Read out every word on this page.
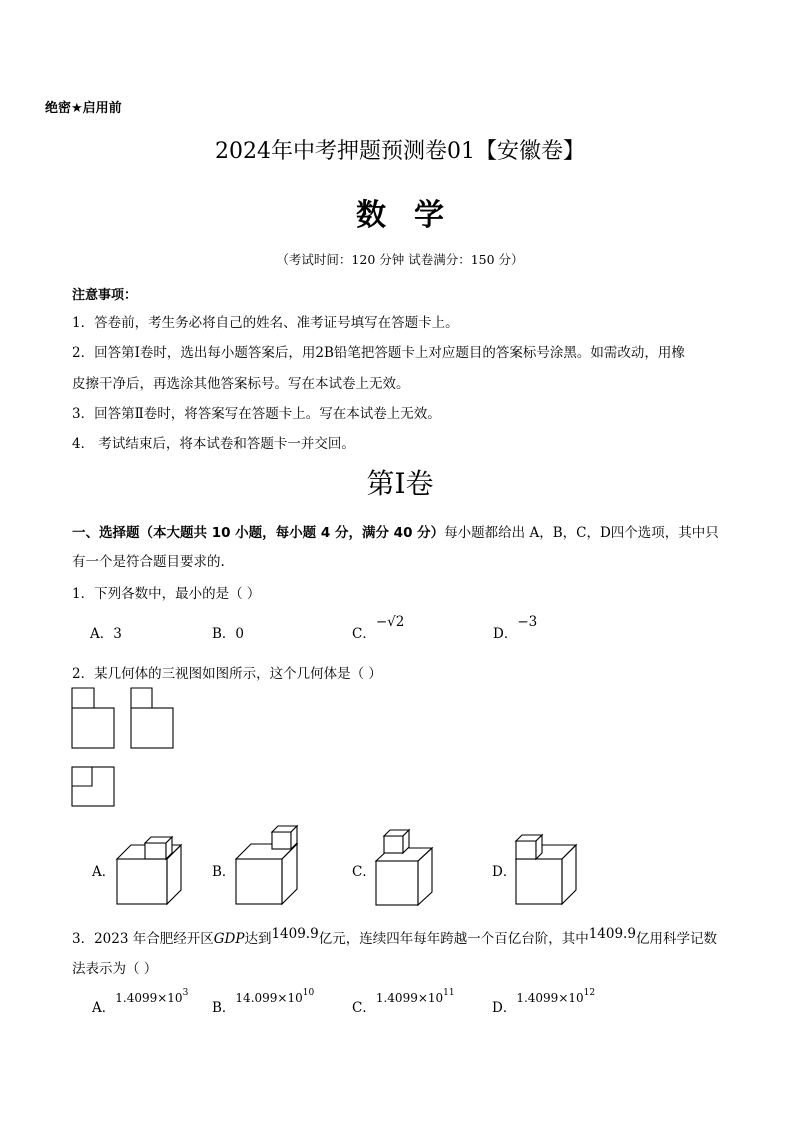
绝密★启用前
2024年中考押题预测卷01【安徽卷】
数学
（考试时间：120 分钟 试卷满分：150 分）
注意事项：
1．答卷前，考生务必将自己的姓名、准考证号填写在答题卡上。
2．回答第Ⅰ卷时，选出每小题答案后，用2B铅笔把答题卡上对应题目的答案标号涂黑。如需改动，用橡
皮擦干净后，再选涂其他答案标号。写在本试卷上无效。
3．回答第Ⅱ卷时，将答案写在答题卡上。写在本试卷上无效。
4． 考试结束后，将本试卷和答题卡一并交回。
第Ⅰ卷
一、选择题（本大题共 10 小题，每小题 4 分，满分 40 分）每小题都给出 A，B，C，D四个选项，其中只
有一个是符合题目要求的.
1．下列各数中，最小的是（ ）
A．3	B．0	C．−√2
D．−3
2．某几何体的三视图如图所示，这个几何体是（ ）
A．	B．	C．	D．
3．2023 年合肥经开区GDP达到1409.9亿元，连续四年每年跨越一个百亿台阶，其中1409.9亿用科学记数
法表示为（ ）
A．$1.4099\times 10^3$
B．$14.099\times 10^{10}$
C．$1.4099\times 10^{11}$
D．$1.4099\times 10^{12}$
